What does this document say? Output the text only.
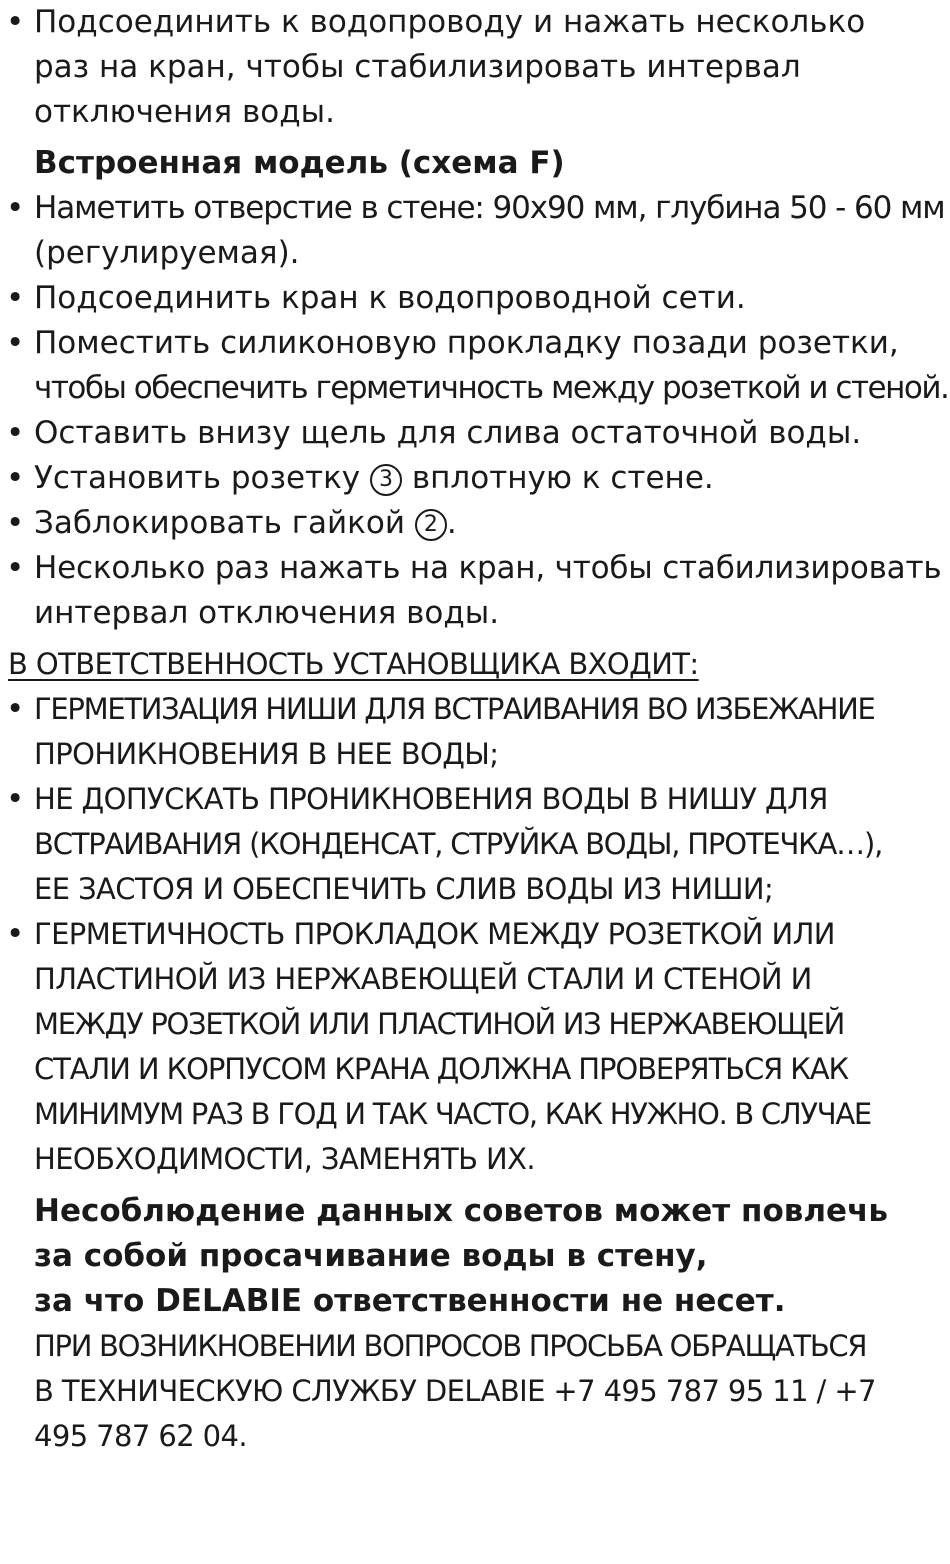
• Подсоединить к водопроводу и нажать несколько
раз на кран, чтобы стабилизировать интервал
отключения воды.
Встроенная модель (схема F)
• Наметить отверстие в стене: 90х90 мм, глубина 50 - 60 мм
(регулируемая).
• Подсоединить кран к водопроводной сети.
• Поместить силиконовую прокладку позади розетки,
чтобы обеспечить герметичность между розеткой и стеной.
• Оставить внизу щель для слива остаточной воды.
• Установить розетку 3 вплотную к стене.
• Заблокировать гайкой 2 .
• Несколько раз нажать на кран, чтобы стабилизировать
интервал отключения воды.
В ОТВЕТСТВЕННОСТЬ УСТАНОВЩИКА ВХОДИТ:
• ГЕРМЕТИЗАЦИЯ НИШИ ДЛЯ ВСТРАИВАНИЯ ВО ИЗБЕЖАНИЕ
ПРОНИКНОВЕНИЯ В НЕЕ ВОДЫ;
• НЕ ДОПУСКАТЬ ПРОНИКНОВЕНИЯ ВОДЫ В НИШУ ДЛЯ
ВСТРАИВАНИЯ (КОНДЕНСАТ, СТРУЙКА ВОДЫ, ПРОТЕЧКА…),
ЕЕ ЗАСТОЯ И ОБЕСПЕЧИТЬ СЛИВ ВОДЫ ИЗ НИШИ;
• ГЕРМЕТИЧНОСТЬ ПРОКЛАДОК МЕЖДУ РОЗЕТКОЙ ИЛИ
ПЛАСТИНОЙ ИЗ НЕРЖАВЕЮЩЕЙ СТАЛИ И СТЕНОЙ И
МЕЖДУ РОЗЕТКОЙ ИЛИ ПЛАСТИНОЙ ИЗ НЕРЖАВЕЮЩЕЙ
СТАЛИ И КОРПУСОМ КРАНА ДОЛЖНА ПРОВЕРЯТЬСЯ КАК
МИНИМУМ РАЗ В ГОД И ТАК ЧАСТО, КАК НУЖНО. В СЛУЧАЕ
НЕОБХОДИМОСТИ, ЗАМЕНЯТЬ ИХ.
Несоблюдение данных советов может повлечь
за собой просачивание воды в стену,
за что DELABIE ответственности не несет.
ПРИ ВОЗНИКНОВЕНИИ ВОПРОСОВ ПРОСЬБА ОБРАЩАТЬСЯ
В ТЕХНИЧЕСКУЮ СЛУЖБУ DELABIE +7 495 787 95 11 / +7
495 787 62 04.
